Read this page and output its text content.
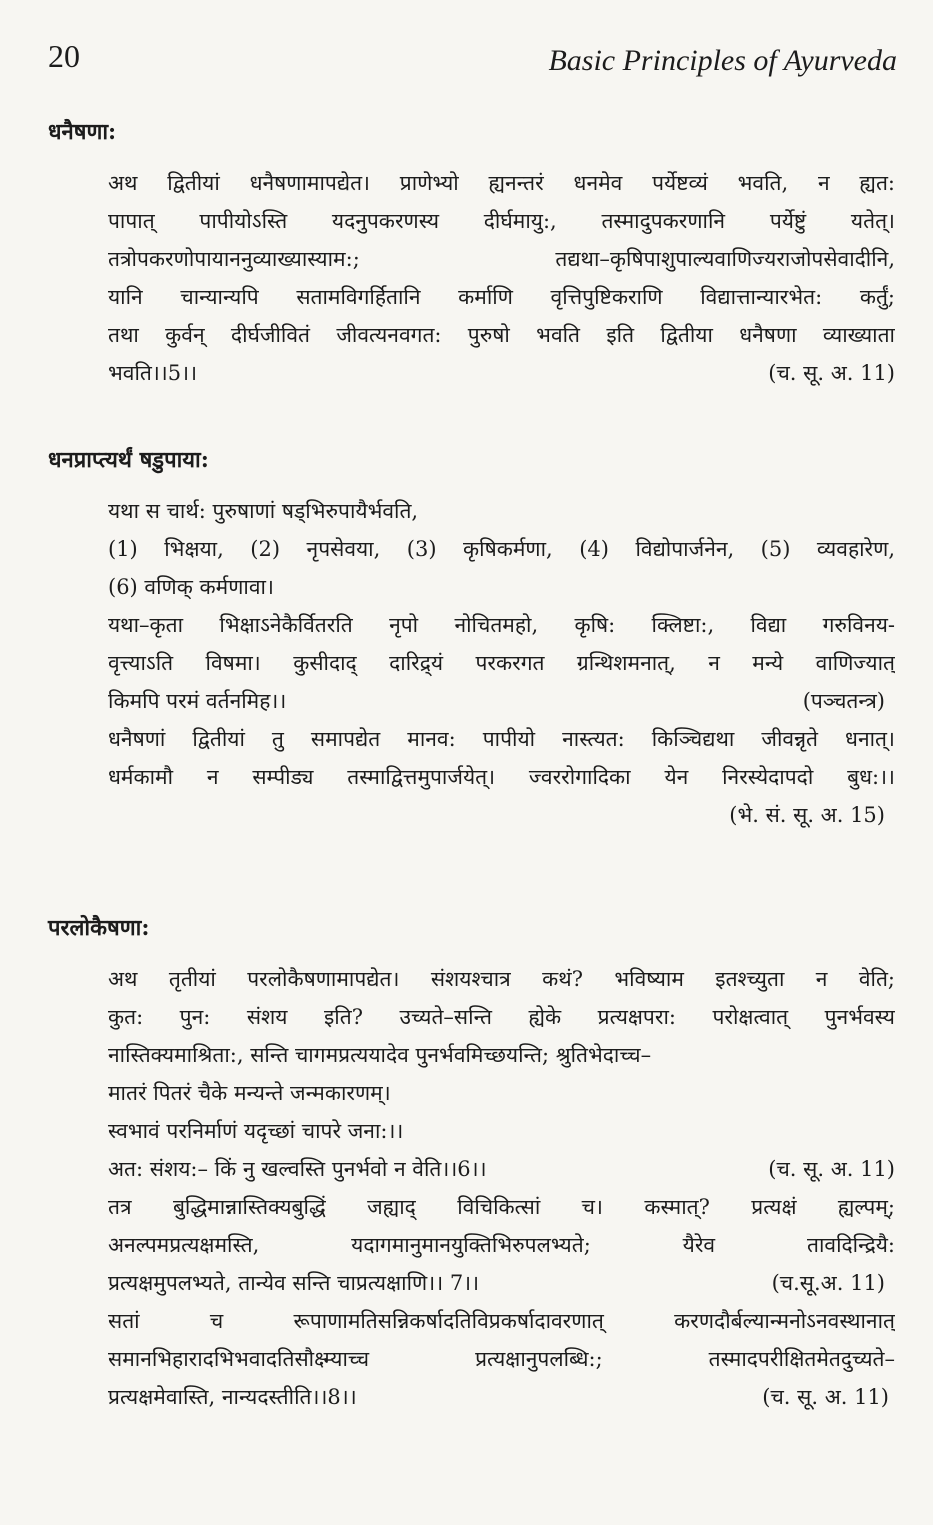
20	Basic Principles of Ayurveda
धनैषणा:
अथ द्वितीयां धनैषणामापद्येत। प्राणेभ्यो ह्यनन्तरं धनमेव पर्येष्टव्यं भवति, न ह्यत:
पापात् पापीयोऽस्ति यदनुपकरणस्य दीर्घमायु:, तस्मादुपकरणानि पर्येष्टुं यतेत्।
तत्रोपकरणोपायाननुव्याख्यास्याम:; तद्यथा–कृषिपाशुपाल्यवाणिज्यराजोपसेवादीनि,
यानि चान्यान्यपि सतामविगर्हितानि कर्माणि वृत्तिपुष्टिकराणि विद्यात्तान्यारभेत: कर्तुं;
तथा कुर्वन् दीर्घजीवितं जीवत्यनवगत: पुरुषो भवति इति द्वितीया धनैषणा व्याख्याता
भवति।।5।।	(च. सू. अ. 11)
धनप्राप्त्यर्थं षडुपाया:
यथा स चार्थ: पुरुषाणां षड्भिरुपायैर्भवति,
(1) भिक्षया, (2) नृपसेवया, (3) कृषिकर्मणा, (4) विद्योपार्जनेन, (5) व्यवहारेण,
(6) वणिक् कर्मणावा।
यथा–कृता भिक्षाऽनेकैर्वितरति नृपो नोचितमहो, कृषि: क्लिष्टा:, विद्या गरुविनय-
वृत्त्याऽति विषमा। कुसीदाद् दारिद्र्यं परकरगत ग्रन्थिशमनात्, न मन्ये वाणिज्यात्
किमपि परमं वर्तनमिह।।	(पञ्चतन्त्र)
धनैषणां द्वितीयां तु समापद्येत मानव: पापीयो नास्त्यत: किञ्चिद्यथा जीवन्नृते धनात्।
धर्मकामौ न सम्पीड्य तस्माद्वित्तमुपार्जयेत्। ज्वररोगादिका येन निरस्येदापदो बुध:।।
(भे. सं. सू. अ. 15)
परलोकैषणा:
अथ तृतीयां परलोकैषणामापद्येत। संशयश्चात्र कथं? भविष्याम इतश्च्युता न वेति;
कुत: पुन: संशय इति? उच्यते–सन्ति ह्येके प्रत्यक्षपरा: परोक्षत्वात् पुनर्भवस्य
नास्तिक्यमाश्रिता:, सन्ति चागमप्रत्ययादेव पुनर्भवमिच्छयन्ति; श्रुतिभेदाच्च–
मातरं पितरं चैके मन्यन्ते जन्मकारणम्।
स्वभावं परनिर्माणं यदृच्छां चापरे जना:।।
अत: संशय:– किं नु खल्वस्ति पुनर्भवो न वेति।।6।।	(च. सू. अ. 11)
तत्र बुद्धिमान्नास्तिक्यबुद्धिं जह्याद् विचिकित्सां च। कस्मात्? प्रत्यक्षं ह्यल्पम्;
अनल्पमप्रत्यक्षमस्ति, यदागमानुमानयुक्तिभिरुपलभ्यते; यैरेव तावदिन्द्रियै:
प्रत्यक्षमुपलभ्यते, तान्येव सन्ति चाप्रत्यक्षाणि।। 7।।	(च.सू.अ. 11)
सतां च रूपाणामतिसन्निकर्षादतिविप्रकर्षादावरणात् करणदौर्बल्यान्मनोऽनवस्थानात्
समानभिहारादभिभवादतिसौक्ष्म्याच्च प्रत्यक्षानुपलब्धि:; तस्मादपरीक्षितमेतदुच्यते–
प्रत्यक्षमेवास्ति, नान्यदस्तीति।।8।।	(च. सू. अ. 11)
